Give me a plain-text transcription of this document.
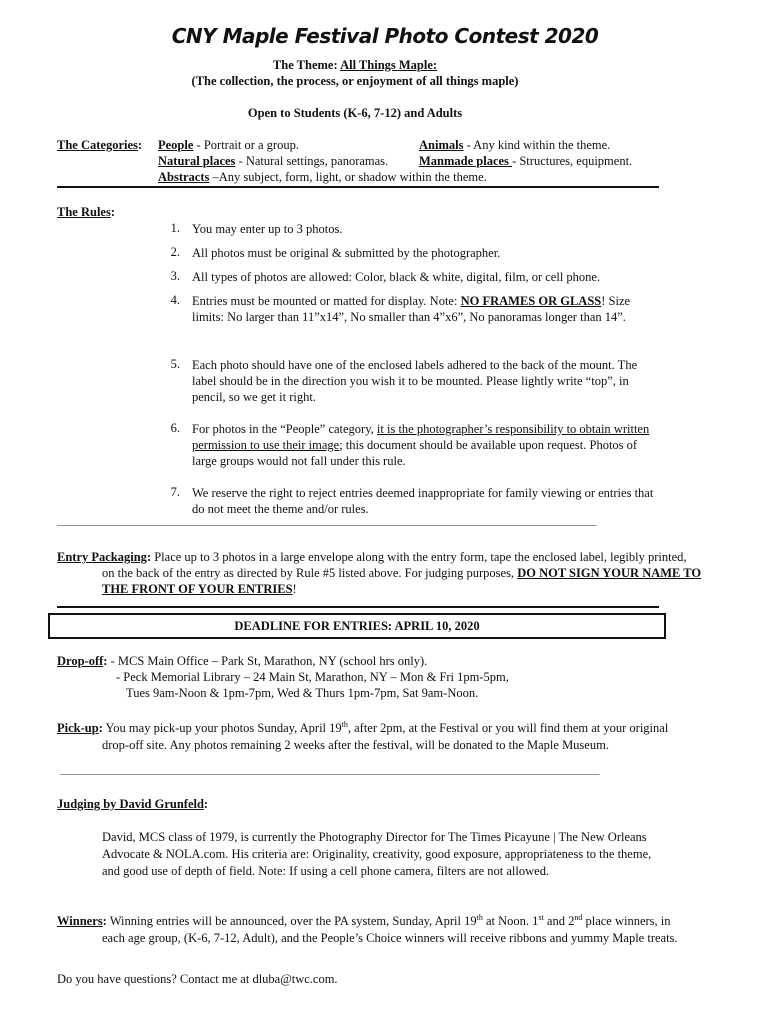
CNY Maple Festival Photo Contest 2020
The Theme: All Things Maple:
(The collection, the process, or enjoyment of all things maple)
Open to Students (K-6, 7-12) and Adults
The Categories: People - Portrait or a group.	Animals - Any kind within the theme.
Natural places - Natural settings, panoramas. Manmade places - Structures, equipment.
Abstracts –Any subject, form, light, or shadow within the theme.
The Rules:
1. You may enter up to 3 photos.
2. All photos must be original & submitted by the photographer.
3. All types of photos are allowed: Color, black & white, digital, film, or cell phone.
4. Entries must be mounted or matted for display. Note: NO FRAMES OR GLASS! Size limits: No larger than 11”x14”, No smaller than 4”x6”, No panoramas longer than 14”.
5. Each photo should have one of the enclosed labels adhered to the back of the mount. The label should be in the direction you wish it to be mounted. Please lightly write “top”, in pencil, so we get it right.
6. For photos in the “People” category, it is the photographer’s responsibility to obtain written permission to use their image; this document should be available upon request. Photos of large groups would not fall under this rule.
7. We reserve the right to reject entries deemed inappropriate for family viewing or entries that do not meet the theme and/or rules.
______________________________________________________________________________________________________________
Entry Packaging: Place up to 3 photos in a large envelope along with the entry form, tape the enclosed label, legibly printed, on the back of the entry as directed by Rule #5 listed above. For judging purposes, DO NOT SIGN YOUR NAME TO THE FRONT OF YOUR ENTRIES!
DEADLINE FOR ENTRIES: APRIL 10, 2020
Drop-off: - MCS Main Office – Park St, Marathon, NY (school hrs only).
- Peck Memorial Library – 24 Main St, Marathon, NY – Mon & Fri 1pm-5pm,
Tues 9am-Noon & 1pm-7pm, Wed & Thurs 1pm-7pm, Sat 9am-Noon.
Pick-up: You may pick-up your photos Sunday, April 19th, after 2pm, at the Festival or you will find them at your original drop-off site. Any photos remaining 2 weeks after the festival, will be donated to the Maple Museum.
______________________________________________________________________________________________________________
Judging by David Grunfeld:
David, MCS class of 1979, is currently the Photography Director for The Times Picayune | The New Orleans Advocate & NOLA.com. His criteria are: Originality, creativity, good exposure, appropriateness to the theme, and good use of depth of field. Note: If using a cell phone camera, filters are not allowed.
Winners: Winning entries will be announced, over the PA system, Sunday, April 19th at Noon. 1st and 2nd place winners, in each age group, (K-6, 7-12, Adult), and the People’s Choice winners will receive ribbons and yummy Maple treats.
Do you have questions? Contact me at dluba@twc.com.
